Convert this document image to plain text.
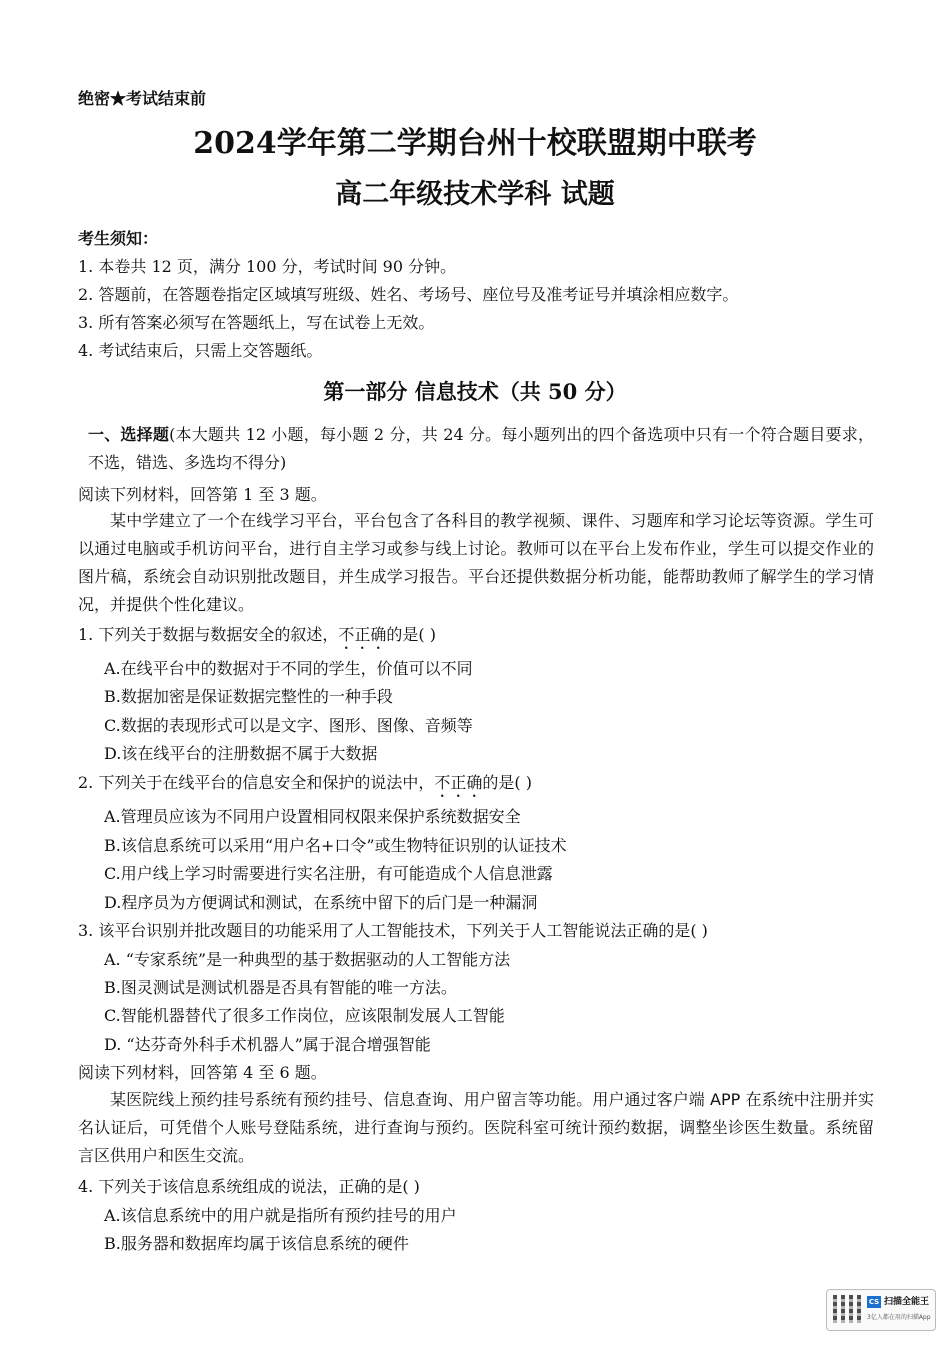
绝密★考试结束前
2024学年第二学期台州十校联盟期中联考
高二年级技术学科 试题
考生须知：
1. 本卷共 12 页，满分 100 分，考试时间 90 分钟。
2. 答题前，在答题卷指定区域填写班级、姓名、考场号、座位号及准考证号并填涂相应数字。
3. 所有答案必须写在答题纸上，写在试卷上无效。
4. 考试结束后，只需上交答题纸。
第一部分 信息技术（共 50 分）
一、选择题(本大题共 12 小题，每小题 2 分，共 24 分。每小题列出的四个备选项中只有一个符合题目要求，不选，错选、多选均不得分)
阅读下列材料，回答第 1 至 3 题。
某中学建立了一个在线学习平台，平台包含了各科目的教学视频、课件、习题库和学习论坛等资源。学生可以通过电脑或手机访问平台，进行自主学习或参与线上讨论。教师可以在平台上发布作业，学生可以提交作业的图片稿，系统会自动识别批改题目，并生成学习报告。平台还提供数据分析功能，能帮助教师了解学生的学习情况，并提供个性化建议。
1. 下列关于数据与数据安全的叙述，不正确的是( )
A.在线平台中的数据对于不同的学生，价值可以不同
B.数据加密是保证数据完整性的一种手段
C.数据的表现形式可以是文字、图形、图像、音频等
D.该在线平台的注册数据不属于大数据
2. 下列关于在线平台的信息安全和保护的说法中，不正确的是( )
A.管理员应该为不同用户设置相同权限来保护系统数据安全
B.该信息系统可以采用“用户名+口令”或生物特征识别的认证技术
C.用户线上学习时需要进行实名注册，有可能造成个人信息泄露
D.程序员为方便调试和测试，在系统中留下的后门是一种漏洞
3. 该平台识别并批改题目的功能采用了人工智能技术，下列关于人工智能说法正确的是( )
A. “专家系统”是一种典型的基于数据驱动的人工智能方法
B.图灵测试是测试机器是否具有智能的唯一方法。
C.智能机器替代了很多工作岗位，应该限制发展人工智能
D. “达芬奇外科手术机器人”属于混合增强智能
阅读下列材料，回答第 4 至 6 题。
某医院线上预约挂号系统有预约挂号、信息查询、用户留言等功能。用户通过客户端 APP 在系统中注册并实名认证后，可凭借个人账号登陆系统，进行查询与预约。医院科室可统计预约数据，调整坐诊医生数量。系统留言区供用户和医生交流。
4. 下列关于该信息系统组成的说法，正确的是( )
A.该信息系统中的用户就是指所有预约挂号的用户
B.服务器和数据库均属于该信息系统的硬件
CS 扫描全能王
3亿人都在用的扫描App
